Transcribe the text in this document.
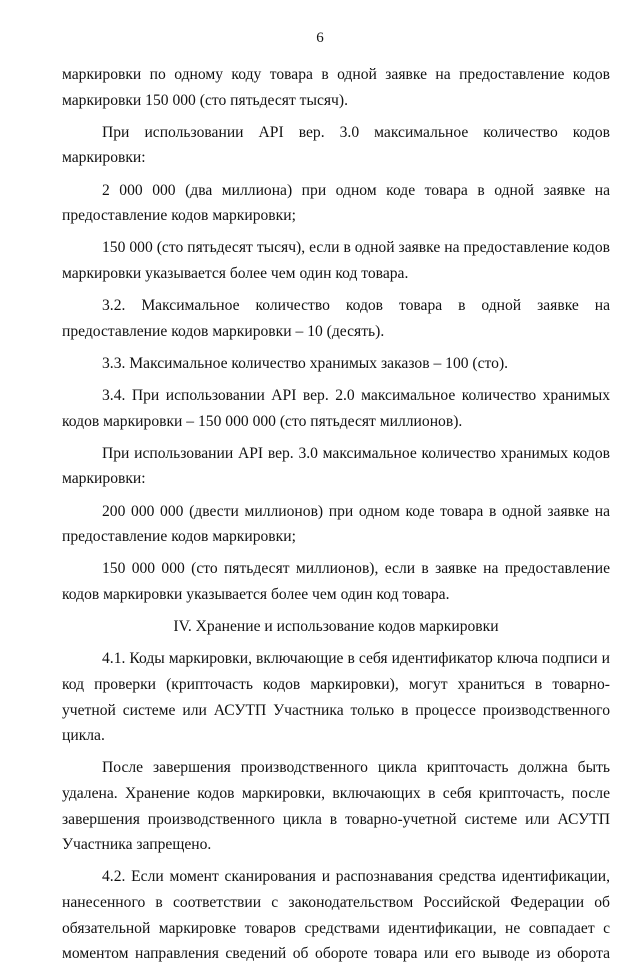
6

маркировки по одному коду товара в одной заявке на предоставление кодов маркировки 150 000 (сто пятьдесят тысяч).

При использовании API вер. 3.0 максимальное количество кодов маркировки:

2 000 000 (два миллиона) при одном коде товара в одной заявке на предоставление кодов маркировки;

150 000 (сто пятьдесят тысяч), если в одной заявке на предоставление кодов маркировки указывается более чем один код товара.

3.2. Максимальное количество кодов товара в одной заявке на предоставление кодов маркировки – 10 (десять).

3.3. Максимальное количество хранимых заказов – 100 (сто).

3.4. При использовании API вер. 2.0 максимальное количество хранимых кодов маркировки – 150 000 000 (сто пятьдесят миллионов).

При использовании API вер. 3.0 максимальное количество хранимых кодов маркировки:

200 000 000 (двести миллионов) при одном коде товара в одной заявке на предоставление кодов маркировки;

150 000 000 (сто пятьдесят миллионов), если в заявке на предоставление кодов маркировки указывается более чем один код товара.

IV. Хранение и использование кодов маркировки

4.1. Коды маркировки, включающие в себя идентификатор ключа подписи и код проверки (крипточасть кодов маркировки), могут храниться в товарно-учетной системе или АСУТП Участника только в процессе производственного цикла.

После завершения производственного цикла крипточасть должна быть удалена. Хранение кодов маркировки, включающих в себя крипточасть, после завершения производственного цикла в товарно-учетной системе или АСУТП Участника запрещено.

4.2. Если момент сканирования и распознавания средства идентификации, нанесенного в соответствии с законодательством Российской Федерации об обязательной маркировке товаров средствами идентификации, не совпадает с моментом направления сведений об обороте товара или его выводе из оборота
